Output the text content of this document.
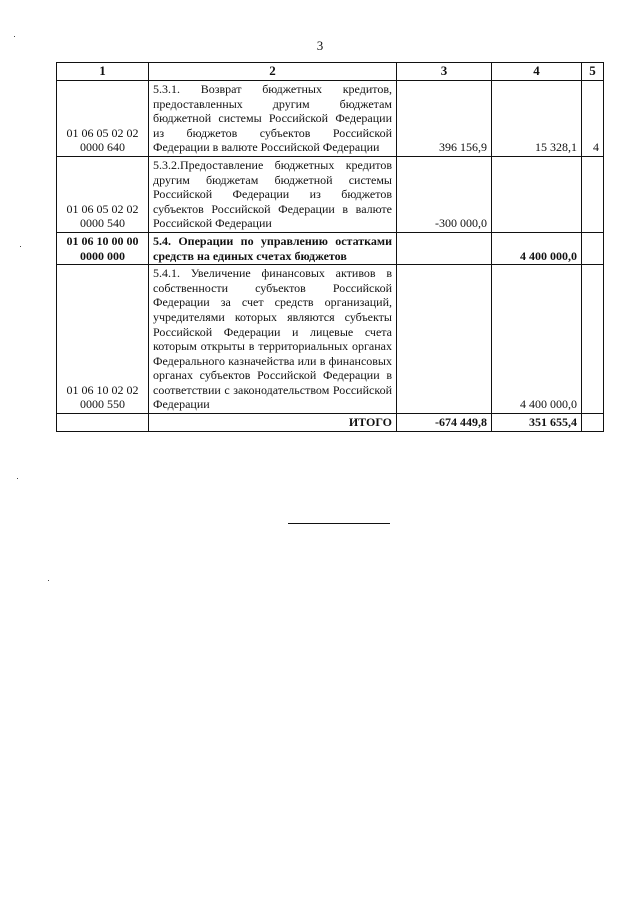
3
1	2	3	4	5
01 06 05 02 02 0000 640	5.3.1. Возврат бюджетных кредитов, предоставленных другим бюджетам бюджетной системы Российской Федерации из бюджетов субъектов Российской Федерации в валюте Российской Федерации	396 156,9	15 328,1	4
01 06 05 02 02 0000 540	5.3.2.Предоставление бюджетных кредитов другим бюджетам бюджетной системы Российской Федерации из бюджетов субъектов Российской Федерации в валюте Российской Федерации	-300 000,0		
01 06 10 00 00 0000 000	5.4. Операции по управлению остатками средств на единых счетах бюджетов		4 400 000,0	
01 06 10 02 02 0000 550	5.4.1. Увеличение финансовых активов в собственности субъектов Российской Федерации за счет средств организаций, учредителями которых являются субъекты Российской Федерации и лицевые счета которым открыты в территориальных органах Федерального казначейства или в финансовых органах субъектов Российской Федерации в соответствии с законодательством Российской Федерации		4 400 000,0	
	ИТОГО	-674 449,8	351 655,4	
